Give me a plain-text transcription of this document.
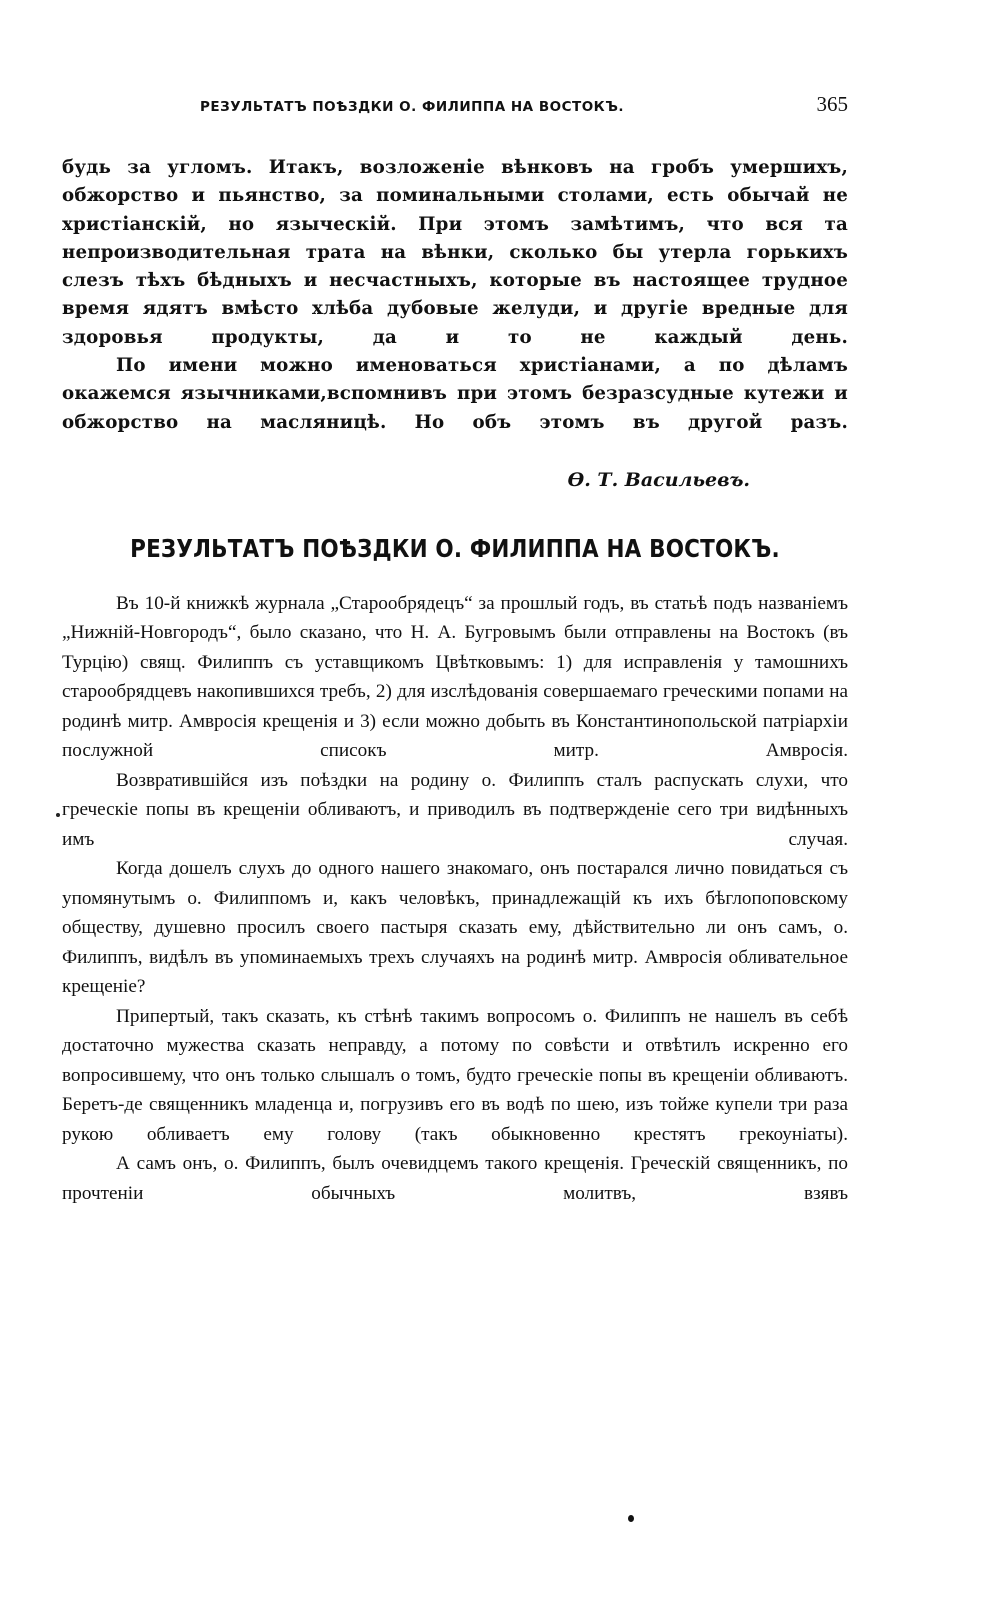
РЕЗУЛЬТАТЪ ПОѢЗДКИ О. ФИЛИППА НА ВОСТОКЪ.	365

будь за угломъ. Итакъ, возложеніе вѣнковъ на гробъ умершихъ, обжорство и пьянство, за поминальными столами, есть обычай не христіанскій, но языческій. При этомъ замѣтимъ, что вся та непроизводительная трата на вѣнки, сколько бы утерла горькихъ слезъ тѣхъ бѣдныхъ и несчастныхъ, которые въ настоящее трудное время ядятъ вмѣсто хлѣба дубовые желуди, и другіе вредные для здоровья продукты, да и то не каждый день.

По имени можно именоваться христіанами, а по дѣламъ окажемся язычниками,вспомнивъ при этомъ безразсудные кутежи и обжорство на масляницѣ. Но объ этомъ въ другой разъ.

Ѳ. Т. Васильевъ.
РЕЗУЛЬТАТЪ ПОѢЗДКИ О. ФИЛИППА НА ВОСТОКЪ.

Въ 10-й книжкѣ журнала „Старообрядецъ“ за прошлый годъ, въ статьѣ подъ названіемъ „Нижній-Новгородъ“, было сказано, что Н. А. Бугровымъ были отправлены на Востокъ (въ Турцію) свящ. Филиппъ съ уставщикомъ Цвѣтковымъ: 1) для исправленія у тамошнихъ старообрядцевъ накопившихся требъ, 2) для изслѣдованія совершаемаго греческими попами на родинѣ митр. Амвросія крещенія и 3) если можно добыть въ Константинопольской патріархіи послужной списокъ митр. Амвросія.

Возвратившійся изъ поѣздки на родину о. Филиппъ сталъ распускать слухи, что греческіе попы въ крещеніи обливаютъ, и приводилъ въ подтвержденіе сего три видѣнныхъ имъ случая.

Когда дошелъ слухъ до одного нашего знакомаго, онъ постарался лично повидаться съ упомянутымъ о. Филиппомъ и, какъ человѣкъ, принадлежащій къ ихъ бѣглопоповскому обществу, душевно просилъ своего пастыря сказать ему, дѣйствительно ли онъ самъ, о. Филиппъ, видѣлъ въ упоминаемыхъ трехъ случаяхъ на родинѣ митр. Амвросія обливательное крещеніе?

Припертый, такъ сказать, къ стѣнѣ такимъ вопросомъ о. Филиппъ не нашелъ въ себѣ достаточно мужества сказать неправду, а потому по совѣсти и отвѣтилъ искренно его вопросившему, что онъ только слышалъ о томъ, будто греческіе попы въ крещеніи обливаютъ. Беретъ-де священникъ младенца и, погрузивъ его въ водѣ по шею, изъ тойже купели три раза рукою обливаетъ ему голову (такъ обыкновенно крестятъ грекоуніаты).

А самъ онъ, о. Филиппъ, былъ очевидцемъ такого крещенія. Греческій священникъ, по прочтеніи обычныхъ молитвъ, взявъ
